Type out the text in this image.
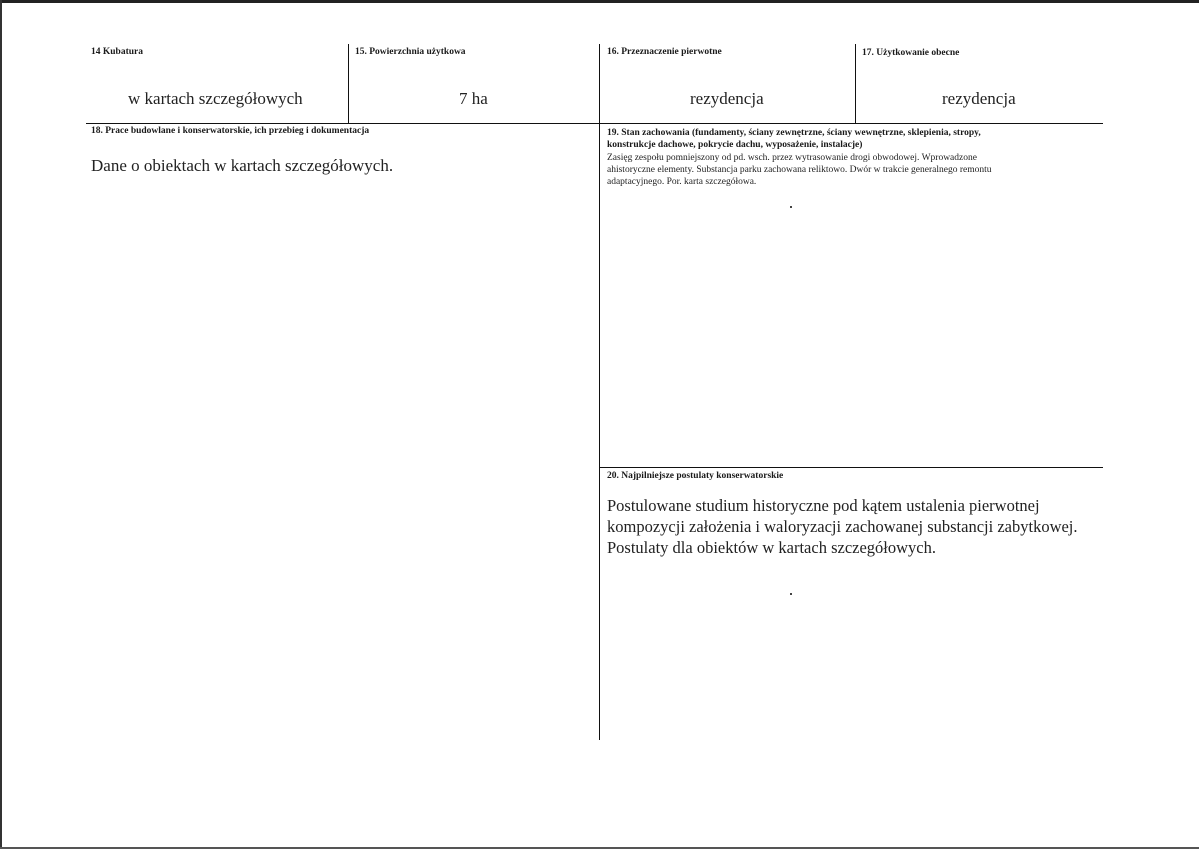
14 Kubatura
w kartach szczegółowych
15. Powierzchnia użytkowa
7 ha
16. Przeznaczenie pierwotne
rezydencja
17. Użytkowanie obecne
rezydencja
18. Prace budowlane i konserwatorskie, ich przebieg i dokumentacja
Dane o obiektach w kartach szczegółowych.
19. Stan zachowania (fundamenty, ściany zewnętrzne, ściany wewnętrzne, sklepienia, stropy,
konstrukcje dachowe, pokrycie dachu, wyposażenie, instalacje)
Zasięg zespołu pomniejszony od pd. wsch. przez wytrasowanie drogi obwodowej. Wprowadzone
ahistoryczne elementy. Substancja parku zachowana reliktowo. Dwór w trakcie generalnego remontu
adaptacyjnego. Por. karta szczegółowa.
20. Najpilniejsze postulaty konserwatorskie
Postulowane studium historyczne pod kątem ustalenia pierwotnej
kompozycji założenia i waloryzacji zachowanej substancji zabytkowej.
Postulaty dla obiektów w kartach szczegółowych.
